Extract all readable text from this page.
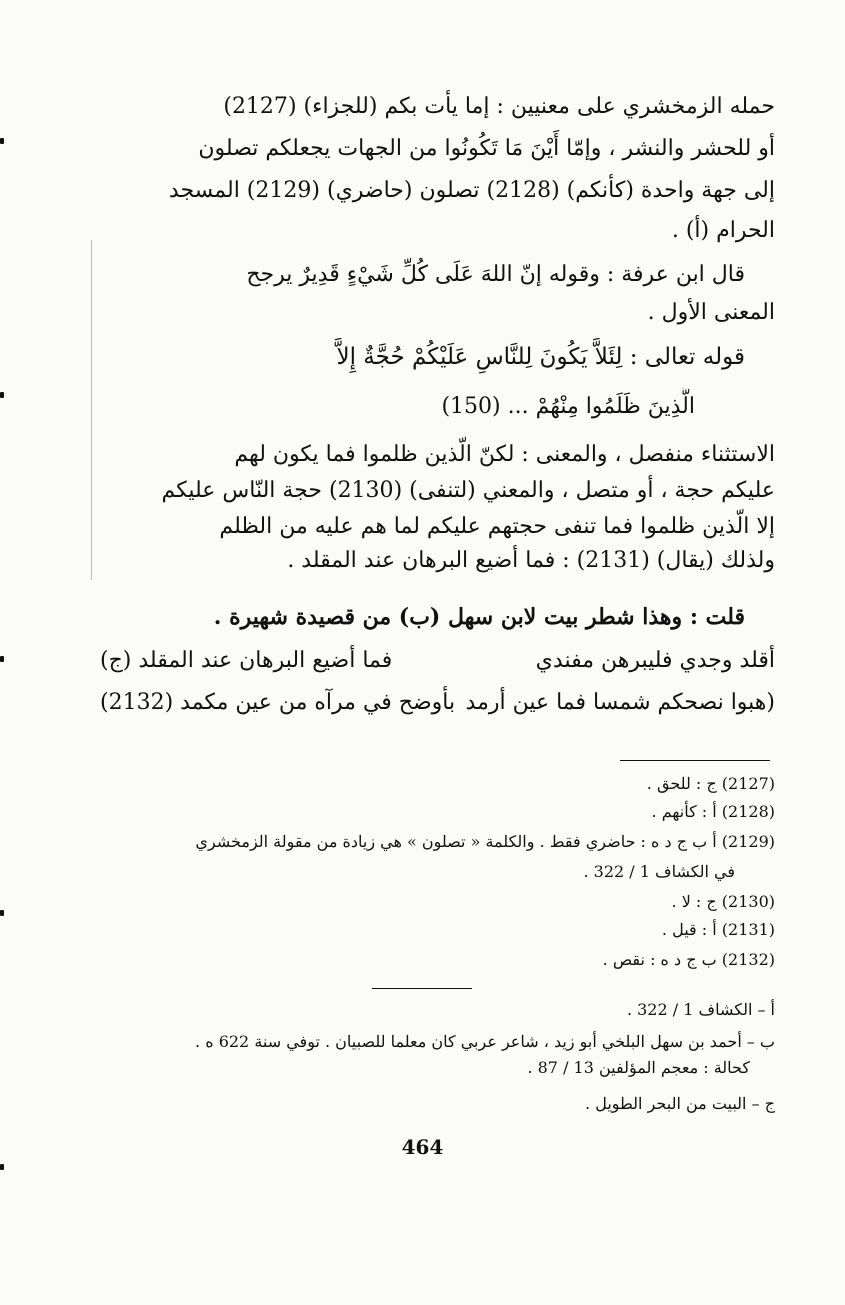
حمله الزمخشري على معنيين : إما يأت بكم (للجزاء) (2127)
أو للحشر والنشر ، وإمّا أَيْنَ مَا تَكُونُوا من الجهات يجعلكم تصلون
إلى جهة واحدة (كأنكم) (2128) تصلون (حاضري) (2129) المسجد
الحرام (أ) .
قال ابن عرفة : وقوله إنّ اللهَ عَلَى كُلِّ شَيْءٍ قَدِيرٌ يرجح
المعنى الأول .
قوله تعالى : لِئَلاَّ يَكُونَ لِلنَّاسِ عَلَيْكُمْ حُجَّةٌ إِلاَّ
الَّذِينَ ظَلَمُوا مِنْهُمْ ... (150)
الاستثناء منفصل ، والمعنى : لكنّ الّذين ظلموا فما يكون لهم
عليكم حجة ، أو متصل ، والمعني (لتنفى) (2130) حجة النّاس عليكم
إلا الّذين ظلموا فما تنفى حجتهم عليكم لما هم عليه من الظلم
ولذلك (يقال) (2131) : فما أضيع البرهان عند المقلد .
قلت : وهذا شطر بيت لابن سهل (ب) من قصيدة شهيرة .
أقلد وجدي فليبرهن مفندي
فما أضيع البرهان عند المقلد (ج)
(هبوا نصحكم شمسا فما عين أرمد
بأوضح في مرآه من عين مكمد (2132)
(2127) ج : للحق .
(2128) أ : كأنهم .
(2129) أ ب ج د ه : حاضري فقط . والكلمة « تصلون » هي زيادة من مقولة الزمخشري
في الكشاف 1 / 322 .
(2130) ج : لا .
(2131) أ : قيل .
(2132) ب ج د ه : نقص .
أ – الكشاف 1 / 322 .
ب – أحمد بن سهل البلخي أبو زيد ، شاعر عربي كان معلما للصبيان . توفي سنة 622 ه .
كحالة : معجم المؤلفين 13 / 87 .
ج – البيت من البحر الطويل .
464
